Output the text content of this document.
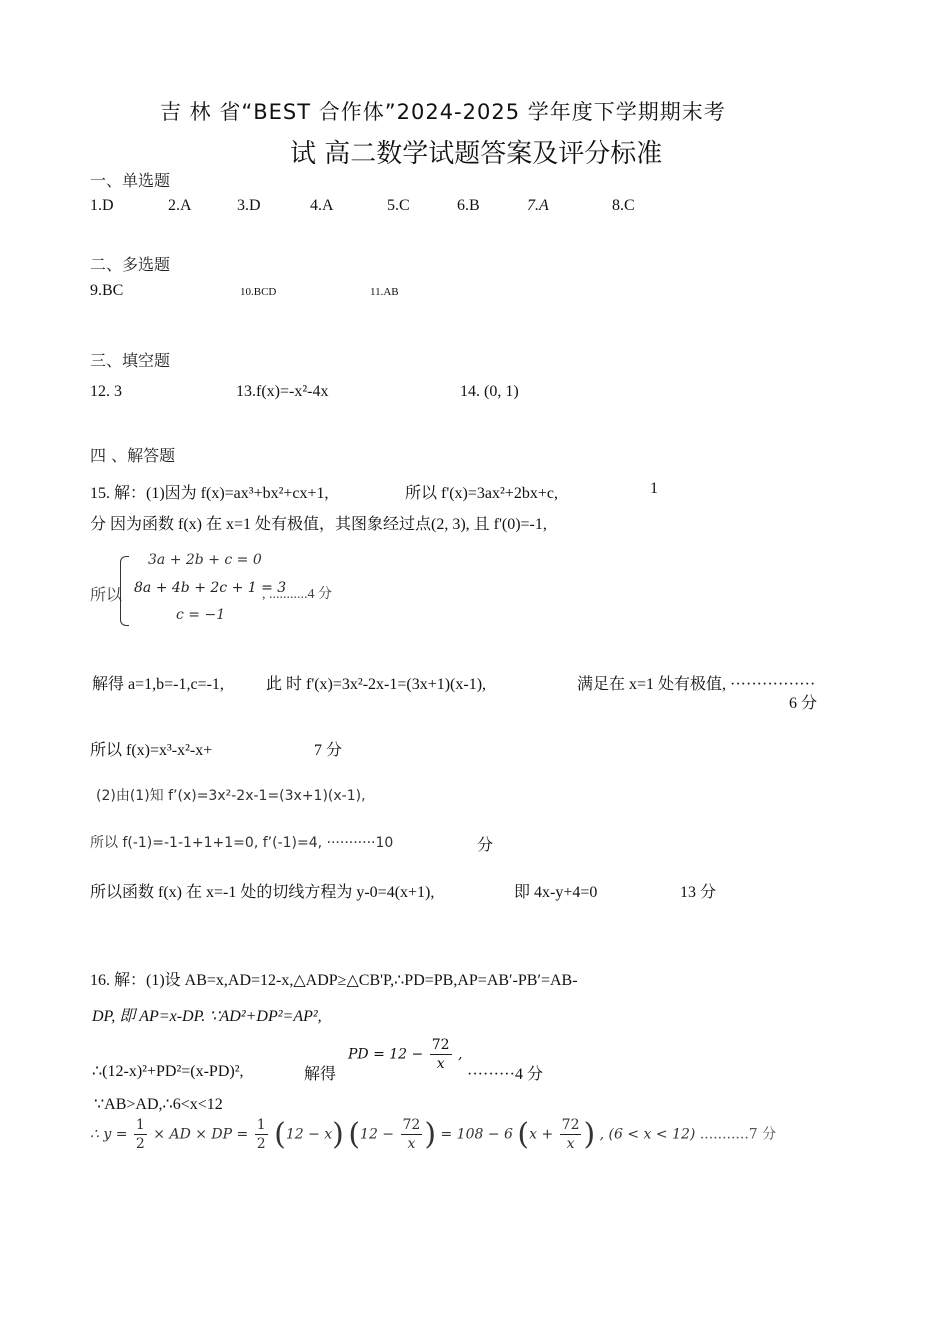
吉 林 省“BEST 合作体”2024-2025 学年度下学期期末考
试 高二数学试题答案及评分标准
一、单选题
1.D	2.A	3.D	4.A	5.C	6.B	7.A	8.C
二、多选题
9.BC	10.BCD	11.AB
三、填空题
12. 3	13.f(x)=-x²-4x	14. (0, 1)
四 、解答题
15. 解：(1)因为 f(x)=ax³+bx²+cx+1,	所以 f'(x)=3ax²+2bx+c,	1
分 因为函数 f(x) 在 x=1 处有极值，其图象经过点(2, 3), 且 f'(0)=-1,
所以
3a + 2b + c = 0
8a + 4b + 2c + 1 = 3
c = −1
, ...........4 分
解得 a=1,b=-1,c=-1,	此 时 f'(x)=3x²-2x-1=(3x+1)(x-1),	满足在 x=1 处有极值, ················
6 分
所以 f(x)=x³-x²-x+	7 分
(2)由(1)知 f’(x)=3x²-2x-1=(3x+1)(x-1),
所以 f(-1)=-1-1+1+1=0, f’(-1)=4, ···········10	分
所以函数 f(x) 在 x=-1 处的切线方程为 y-0=4(x+1),	即 4x-y+4=0	13 分
16. 解：(1)设 AB=x,AD=12-x,△ADP≥△CB'P,∴PD=PB,AP=AB′-PB′=AB-
DP, 即 AP=x-DP. ∵AD²+DP²=AP²,
∴(12-x)²+PD²=(x-PD)²,	解得
PD = $12 - \frac{72}{x}$ ,
·········4 分
∵AB>AD,∴6<x<12
∴ $y = \frac{1}{2}$ × AD × DP = $\frac{1}{2} (12 - x) (12 - \frac{72}{x}$ ) = 108 − 6 ($x + \frac{72}{x}$ ) , (6 < x < 12) ...........7 分
